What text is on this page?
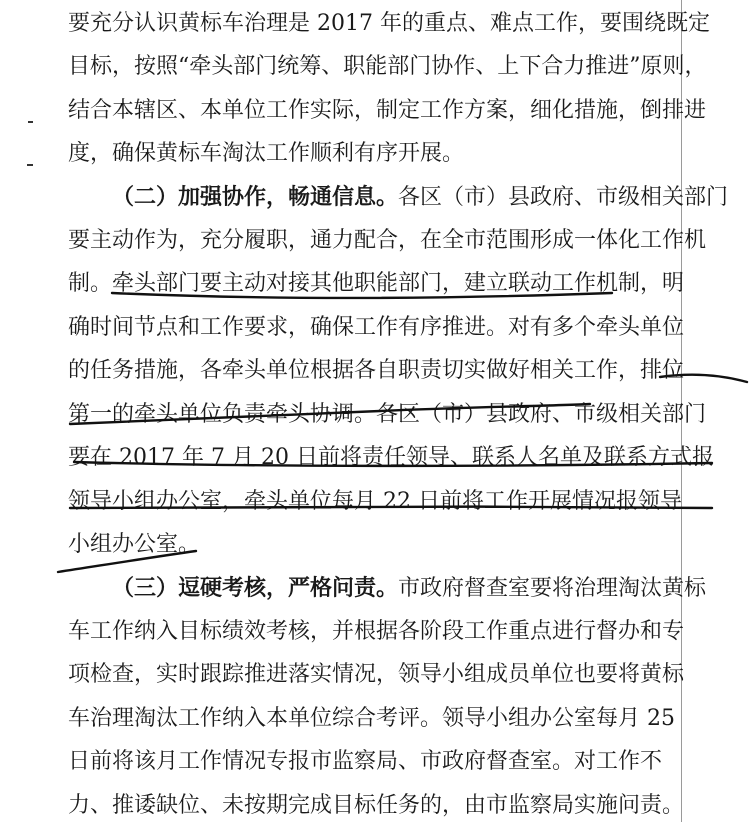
要充分认识黄标车治理是 2017 年的重点、难点工作，要围绕既定

目标，按照“牵头部门统筹、职能部门协作、上下合力推进”原则，

结合本辖区、本单位工作实际，制定工作方案，细化措施，倒排进

度，确保黄标车淘汰工作顺利有序开展。

（二）加强协作，畅通信息。各区（市）县政府、市级相关部门

要主动作为，充分履职，通力配合，在全市范围形成一体化工作机

制。牵头部门要主动对接其他职能部门，建立联动工作机制，明

确时间节点和工作要求，确保工作有序推进。对有多个牵头单位

的任务措施，各牵头单位根据各自职责切实做好相关工作，排位

第一的牵头单位负责牵头协调。各区（市）县政府、市级相关部门

要在 2017 年 7 月 20 日前将责任领导、联系人名单及联系方式报

领导小组办公室，牵头单位每月 22 日前将工作开展情况报领导

小组办公室。

（三）逗硬考核，严格问责。市政府督查室要将治理淘汰黄标

车工作纳入目标绩效考核，并根据各阶段工作重点进行督办和专

项检查，实时跟踪推进落实情况，领导小组成员单位也要将黄标

车治理淘汰工作纳入本单位综合考评。领导小组办公室每月 25

日前将该月工作情况专报市监察局、市政府督查室。对工作不

力、推诿缺位、未按期完成目标任务的，由市监察局实施问责。
